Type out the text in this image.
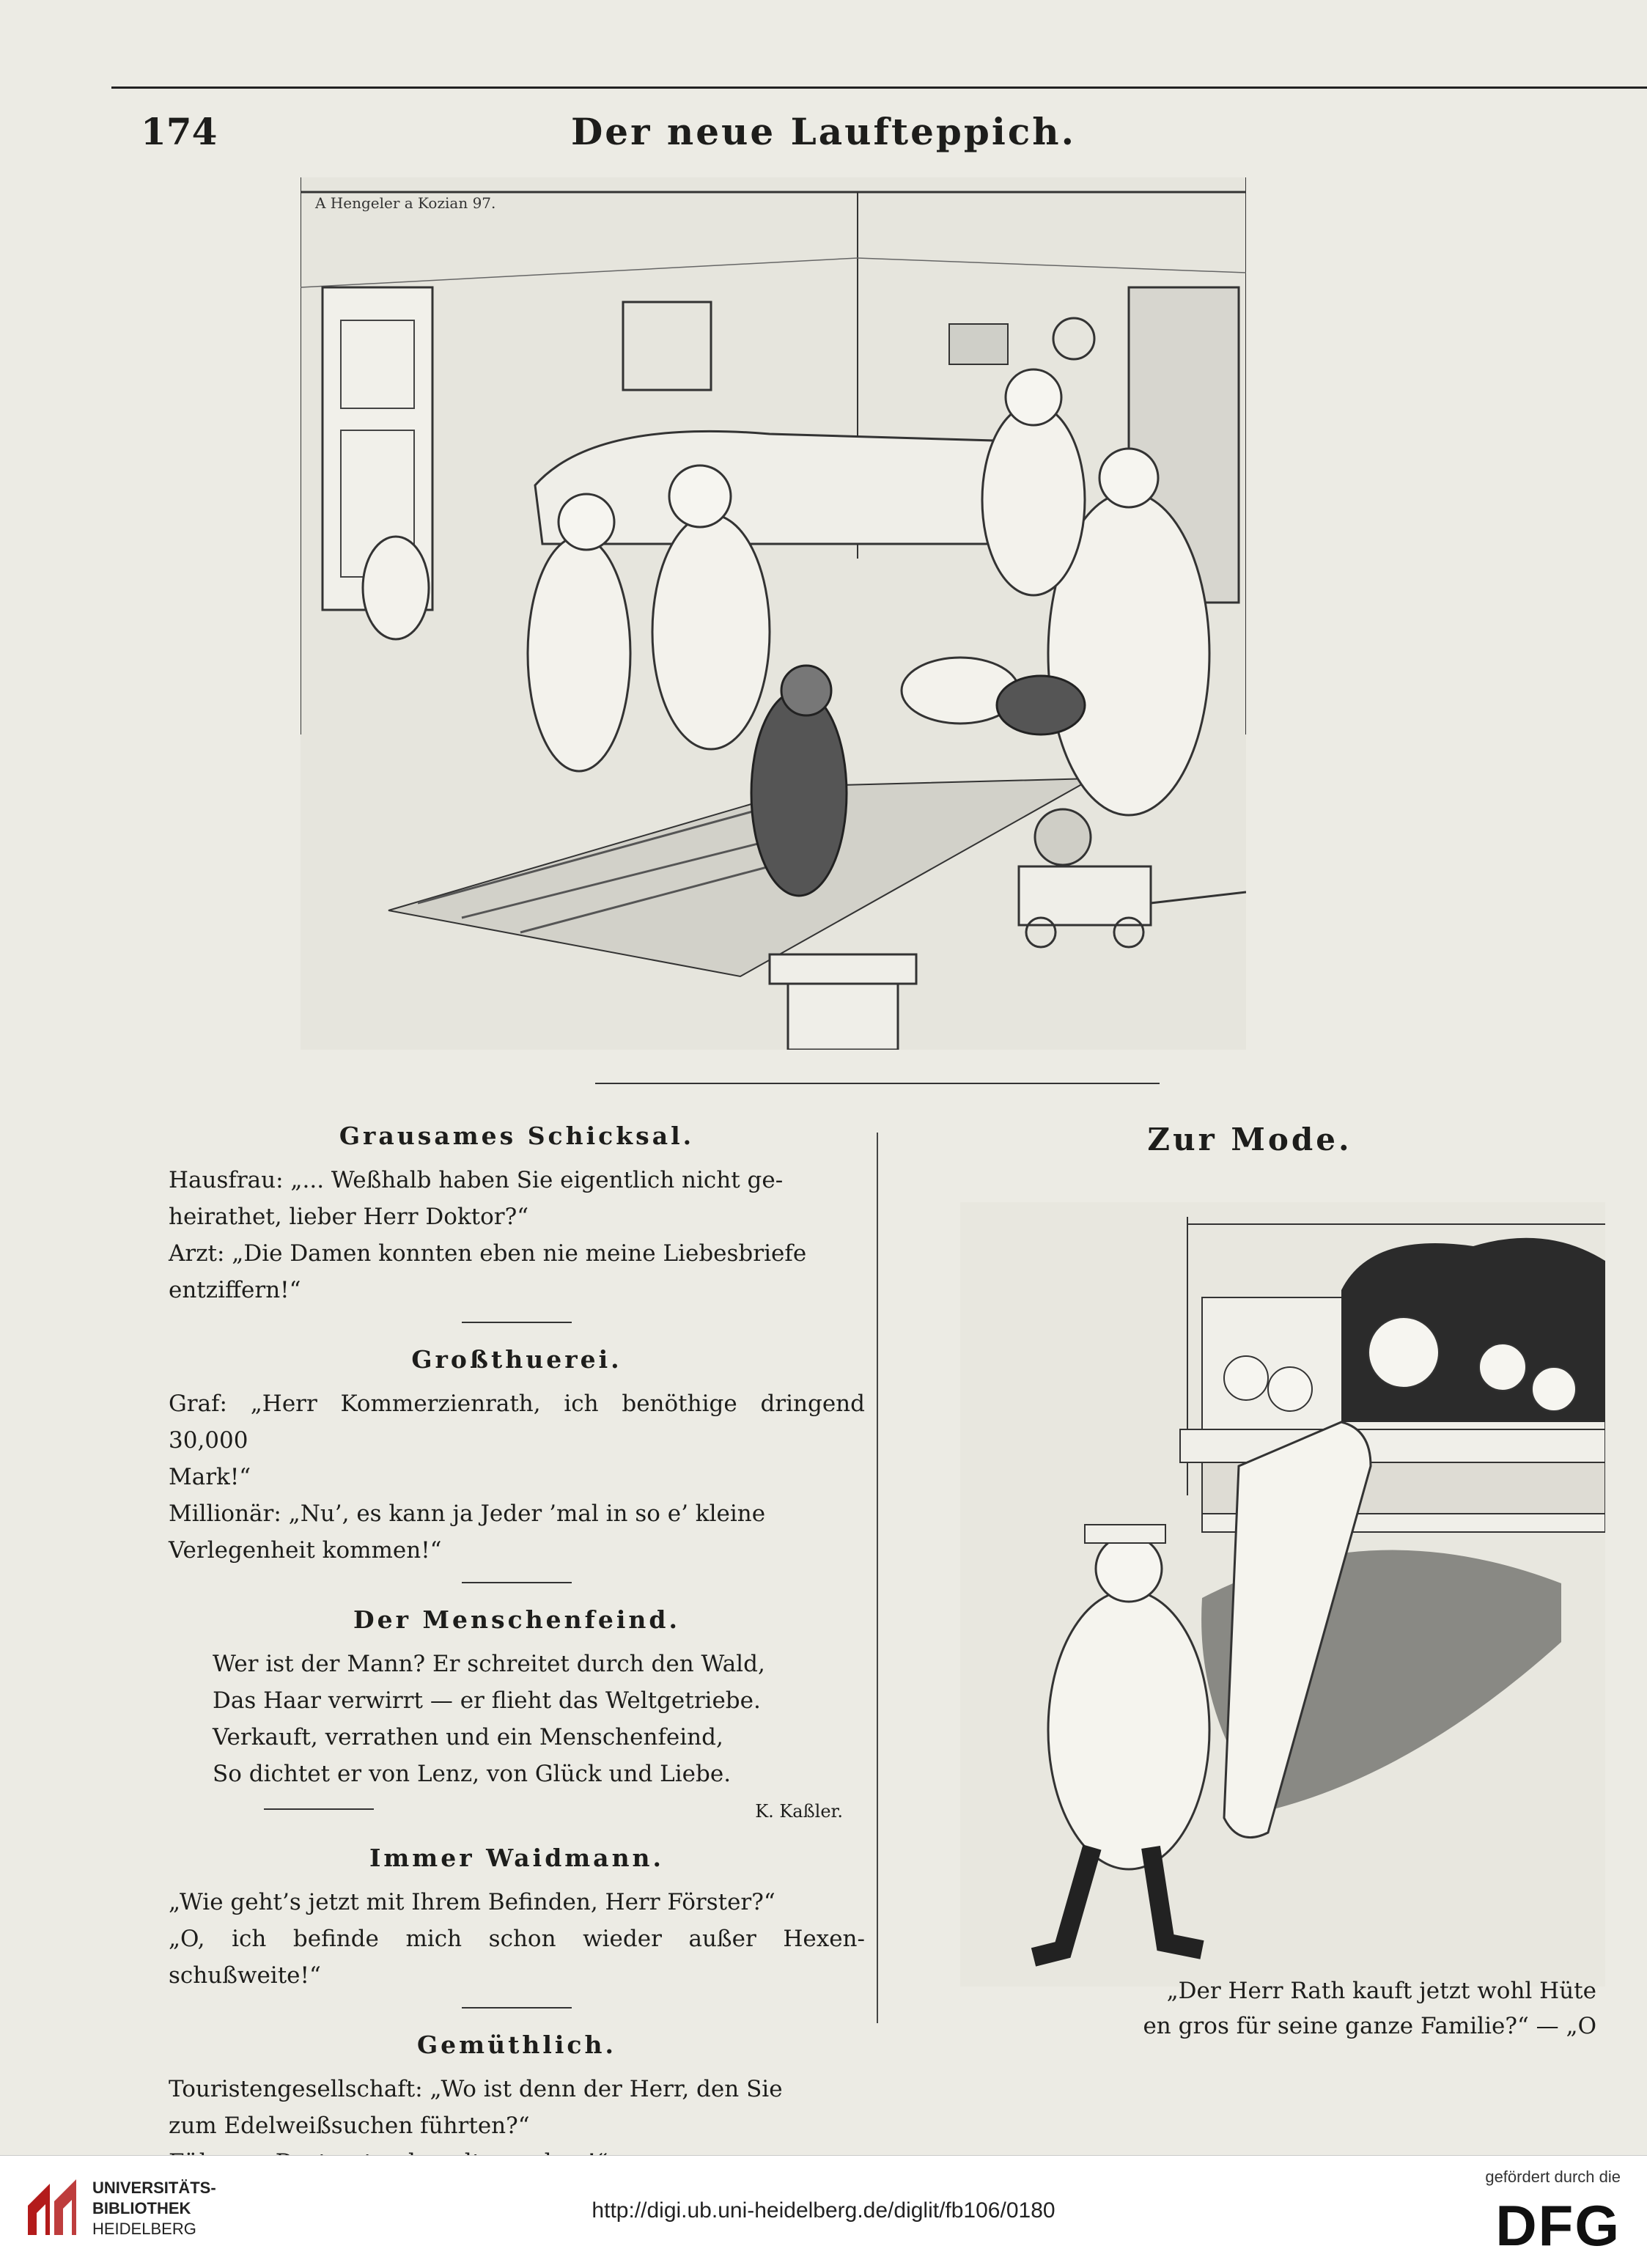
174	Der neue Laufteppich.
A Hengeler a Kozian 97.
Grausames Schicksal.
Hausfrau: „... Weßhalb haben Sie eigentlich nicht ge-
heirathet, lieber Herr Doktor?“
Arzt: „Die Damen konnten eben nie meine Liebesbriefe
entziffern!“
Großthuerei.
Graf: „Herr Kommerzienrath, ich benöthige dringend 30,000
Mark!“
Millionär: „Nu’, es kann ja Jeder ’mal in so e’ kleine
Verlegenheit kommen!“
Der Menschenfeind.
Wer ist der Mann? Er schreitet durch den Wald,
Das Haar verwirrt — er flieht das Weltgetriebe.
Verkauft, verrathen und ein Menschenfeind,
So dichtet er von Lenz, von Glück und Liebe.
K. Kaßler.
Immer Waidmann.
„Wie geht’s jetzt mit Ihrem Befinden, Herr Förster?“
„O, ich befinde mich schon wieder außer Hexen-schußweite!“
Gemüthlich.
Touristengesellschaft: „Wo ist denn der Herr, den Sie
zum Edelweißsuchen führten?“
Zur Mode.
„Der Herr Rath kauft jetzt wohl Hüte
en gros für seine ganze Familie?“ — „O
UNIVERSITÄTS-
BIBLIOTHEK
HEIDELBERG
http://digi.ub.uni-heidelberg.de/diglit/fb106/0180
gefördert durch die
DFG
